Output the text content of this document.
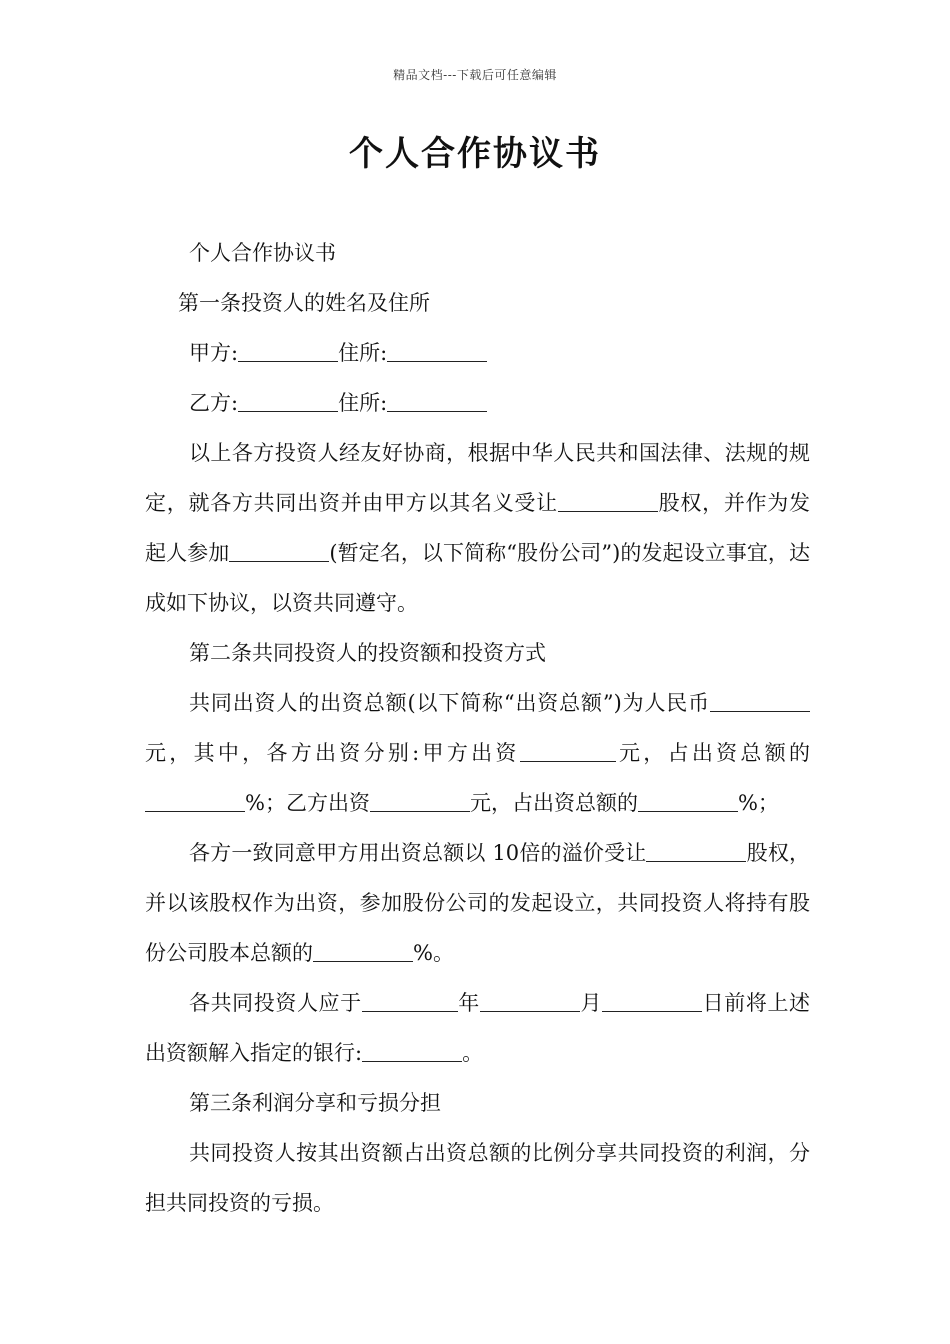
精品文档---下载后可任意编辑
个人合作协议书

个人合作协议书

第一条投资人的姓名及住所

甲方:	住所:

乙方:	住所:

以上各方投资人经友好协商，根据中华人民共和国法律、法规的规定，就各方共同出资并由甲方以其名义受让	股权，并作为发起人参加	(暂定名，以下简称“股份公司”)的发起设立事宜，达成如下协议，以资共同遵守。

第二条共同投资人的投资额和投资方式

共同出资人的出资总额(以下简称“出资总额”)为人民币元，其中，各方出资分别:甲方出资	元，占出资总额的%；乙方出资	元，占出资总额的	%；

各方一致同意甲方用出资总额以 10倍的溢价受让	股权，并以该股权作为出资，参加股份公司的发起设立，共同投资人将持有股份公司股本总额的	%。

各共同投资人应于	年	月	日前将上述出资额解入指定的银行:	。

第三条利润分享和亏损分担

共同投资人按其出资额占出资总额的比例分享共同投资的利润，分担共同投资的亏损。
